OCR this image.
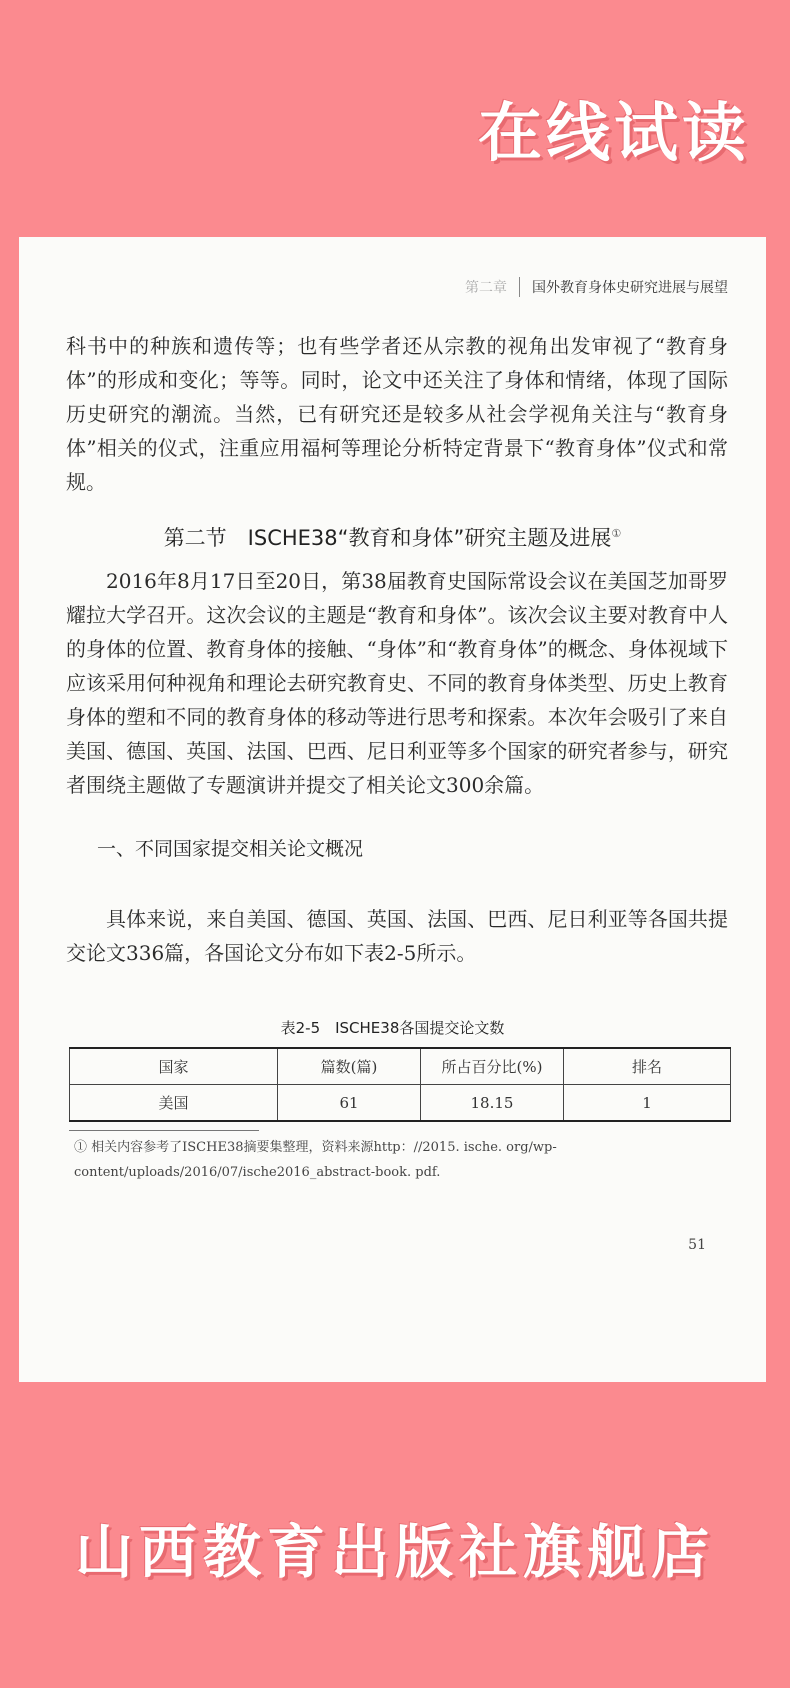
在线试读
第二章 国外教育身体史研究进展与展望
科书中的种族和遗传等；也有些学者还从宗教的视角出发审视了“教育身体”的形成和变化；等等。同时，论文中还关注了身体和情绪，体现了国际历史研究的潮流。当然，已有研究还是较多从社会学视角关注与“教育身体”相关的仪式，注重应用福柯等理论分析特定背景下“教育身体”仪式和常规。
第二节　ISCHE38“教育和身体”研究主题及进展①
2016年8月17日至20日，第38届教育史国际常设会议在美国芝加哥罗耀拉大学召开。这次会议的主题是“教育和身体”。该次会议主要对教育中人的身体的位置、教育身体的接触、“身体”和“教育身体”的概念、身体视域下应该采用何种视角和理论去研究教育史、不同的教育身体类型、历史上教育身体的塑和不同的教育身体的移动等进行思考和探索。本次年会吸引了来自美国、德国、英国、法国、巴西、尼日利亚等多个国家的研究者参与，研究者围绕主题做了专题演讲并提交了相关论文300余篇。
一、不同国家提交相关论文概况
具体来说，来自美国、德国、英国、法国、巴西、尼日利亚等各国共提交论文336篇，各国论文分布如下表2-5所示。
表2-5　ISCHE38各国提交论文数
国家	篇数(篇)	所占百分比(%)	排名
美国	61	18.15	1
① 相关内容参考了ISCHE38摘要集整理，资料来源http：//2015. ische. org/wp-content/uploads/2016/07/ische2016_abstract-book. pdf.
51
山西教育出版社旗舰店
